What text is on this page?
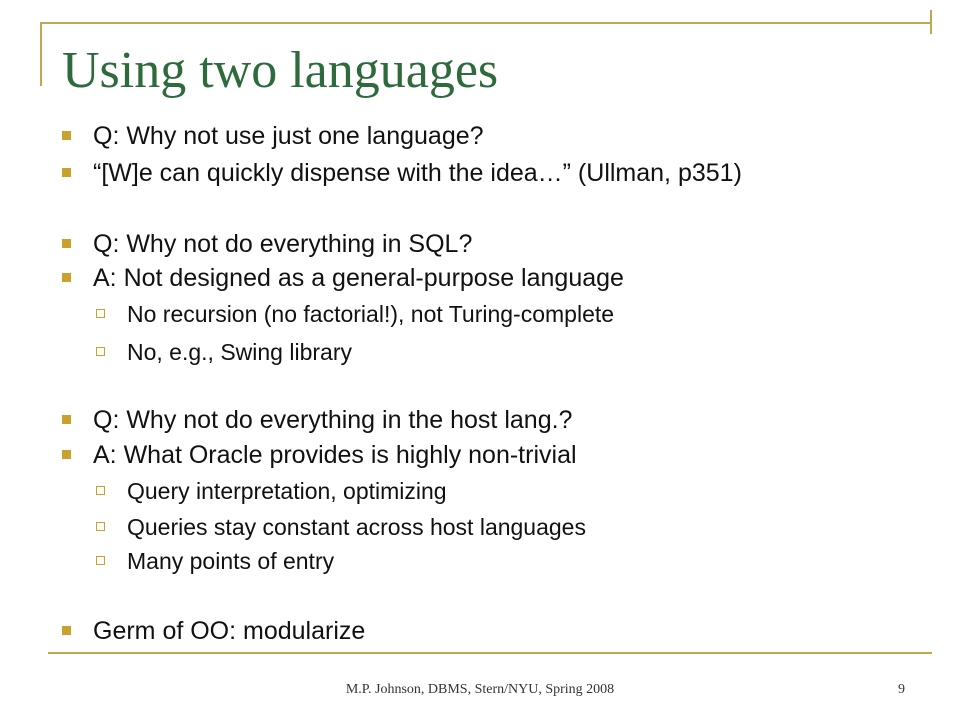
Using two languages
Q: Why not use just one language?
“[W]e can quickly dispense with the idea…” (Ullman, p351)
Q: Why not do everything in SQL?
A: Not designed as a general-purpose language
No recursion (no factorial!), not Turing-complete
No, e.g., Swing library
Q: Why not do everything in the host lang.?
A: What Oracle provides is highly non-trivial
Query interpretation, optimizing
Queries stay constant across host languages
Many points of entry
Germ of OO: modularize
M.P. Johnson, DBMS, Stern/NYU, Spring 2008	9
